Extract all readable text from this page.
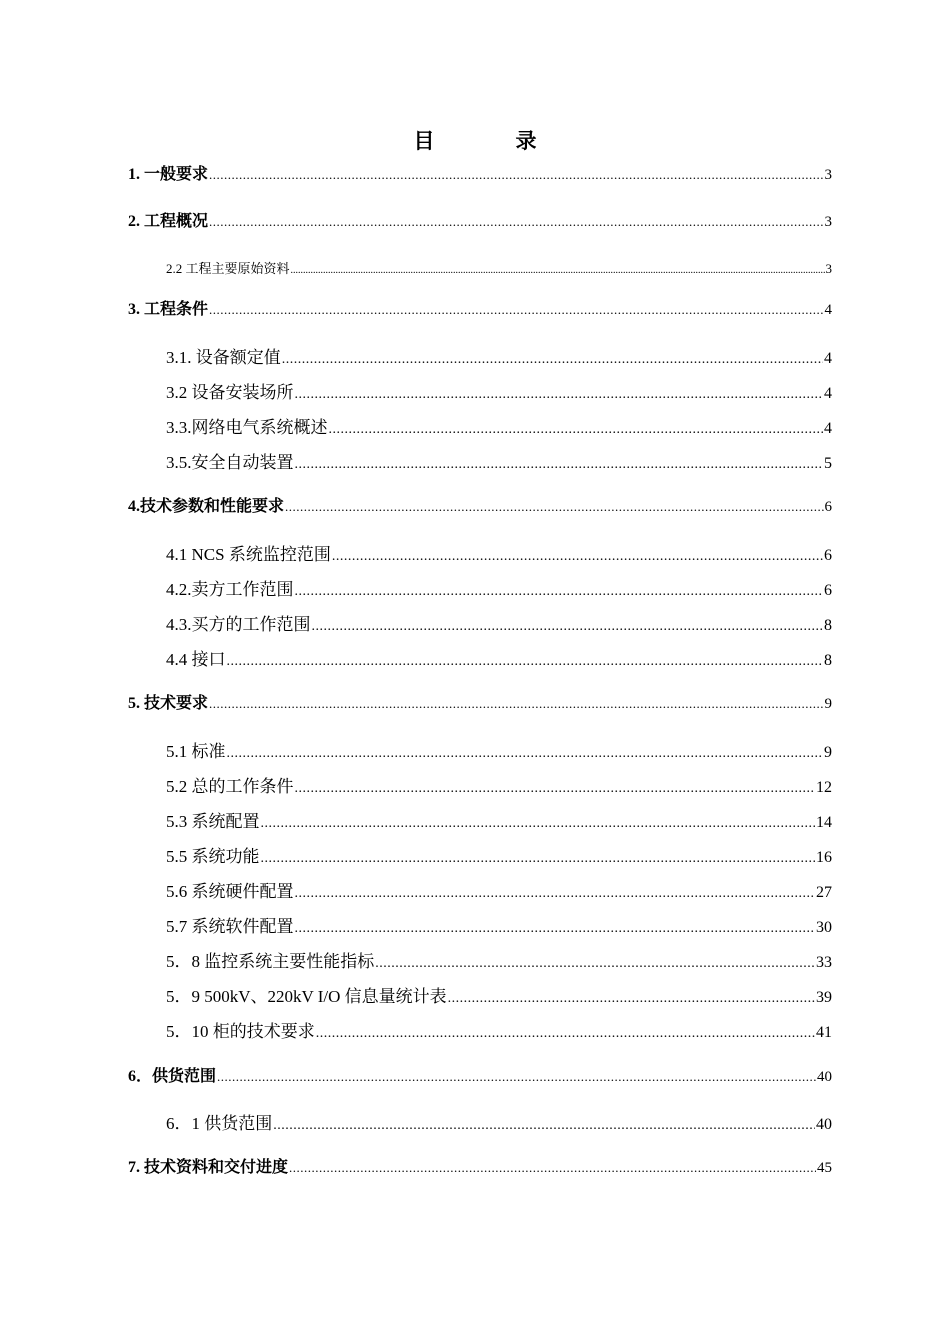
目　录
1. 一般要求 .....	3
2. 工程概况 .....	3
2.2 工程主要原始资料 .....	3
3. 工程条件 .....	4
3.1. 设备额定值 .....	4
3.2 设备安装场所 .....	4
3.3.网络电气系统概述 .....	4
3.5.安全自动装置 .....	5
4.技术参数和性能要求 .....	6
4.1 NCS 系统监控范围 .....	6
4.2.卖方工作范围 .....	6
4.3.买方的工作范围 .....	8
4.4 接口 .....	8
5. 技术要求 .....	9
5.1 标准 .....	9
5.2 总的工作条件 .....	12
5.3 系统配置 .....	14
5.5 系统功能 .....	16
5.6 系统硬件配置 .....	27
5.7 系统软件配置 .....	30
5．8 监控系统主要性能指标 .....	33
5．9 500kV、220kV I/O 信息量统计表 .....	39
5．10 柜的技术要求 .....	41
6．供货范围 .....	40
6．1 供货范围 .....	40
7. 技术资料和交付进度 .....	45
